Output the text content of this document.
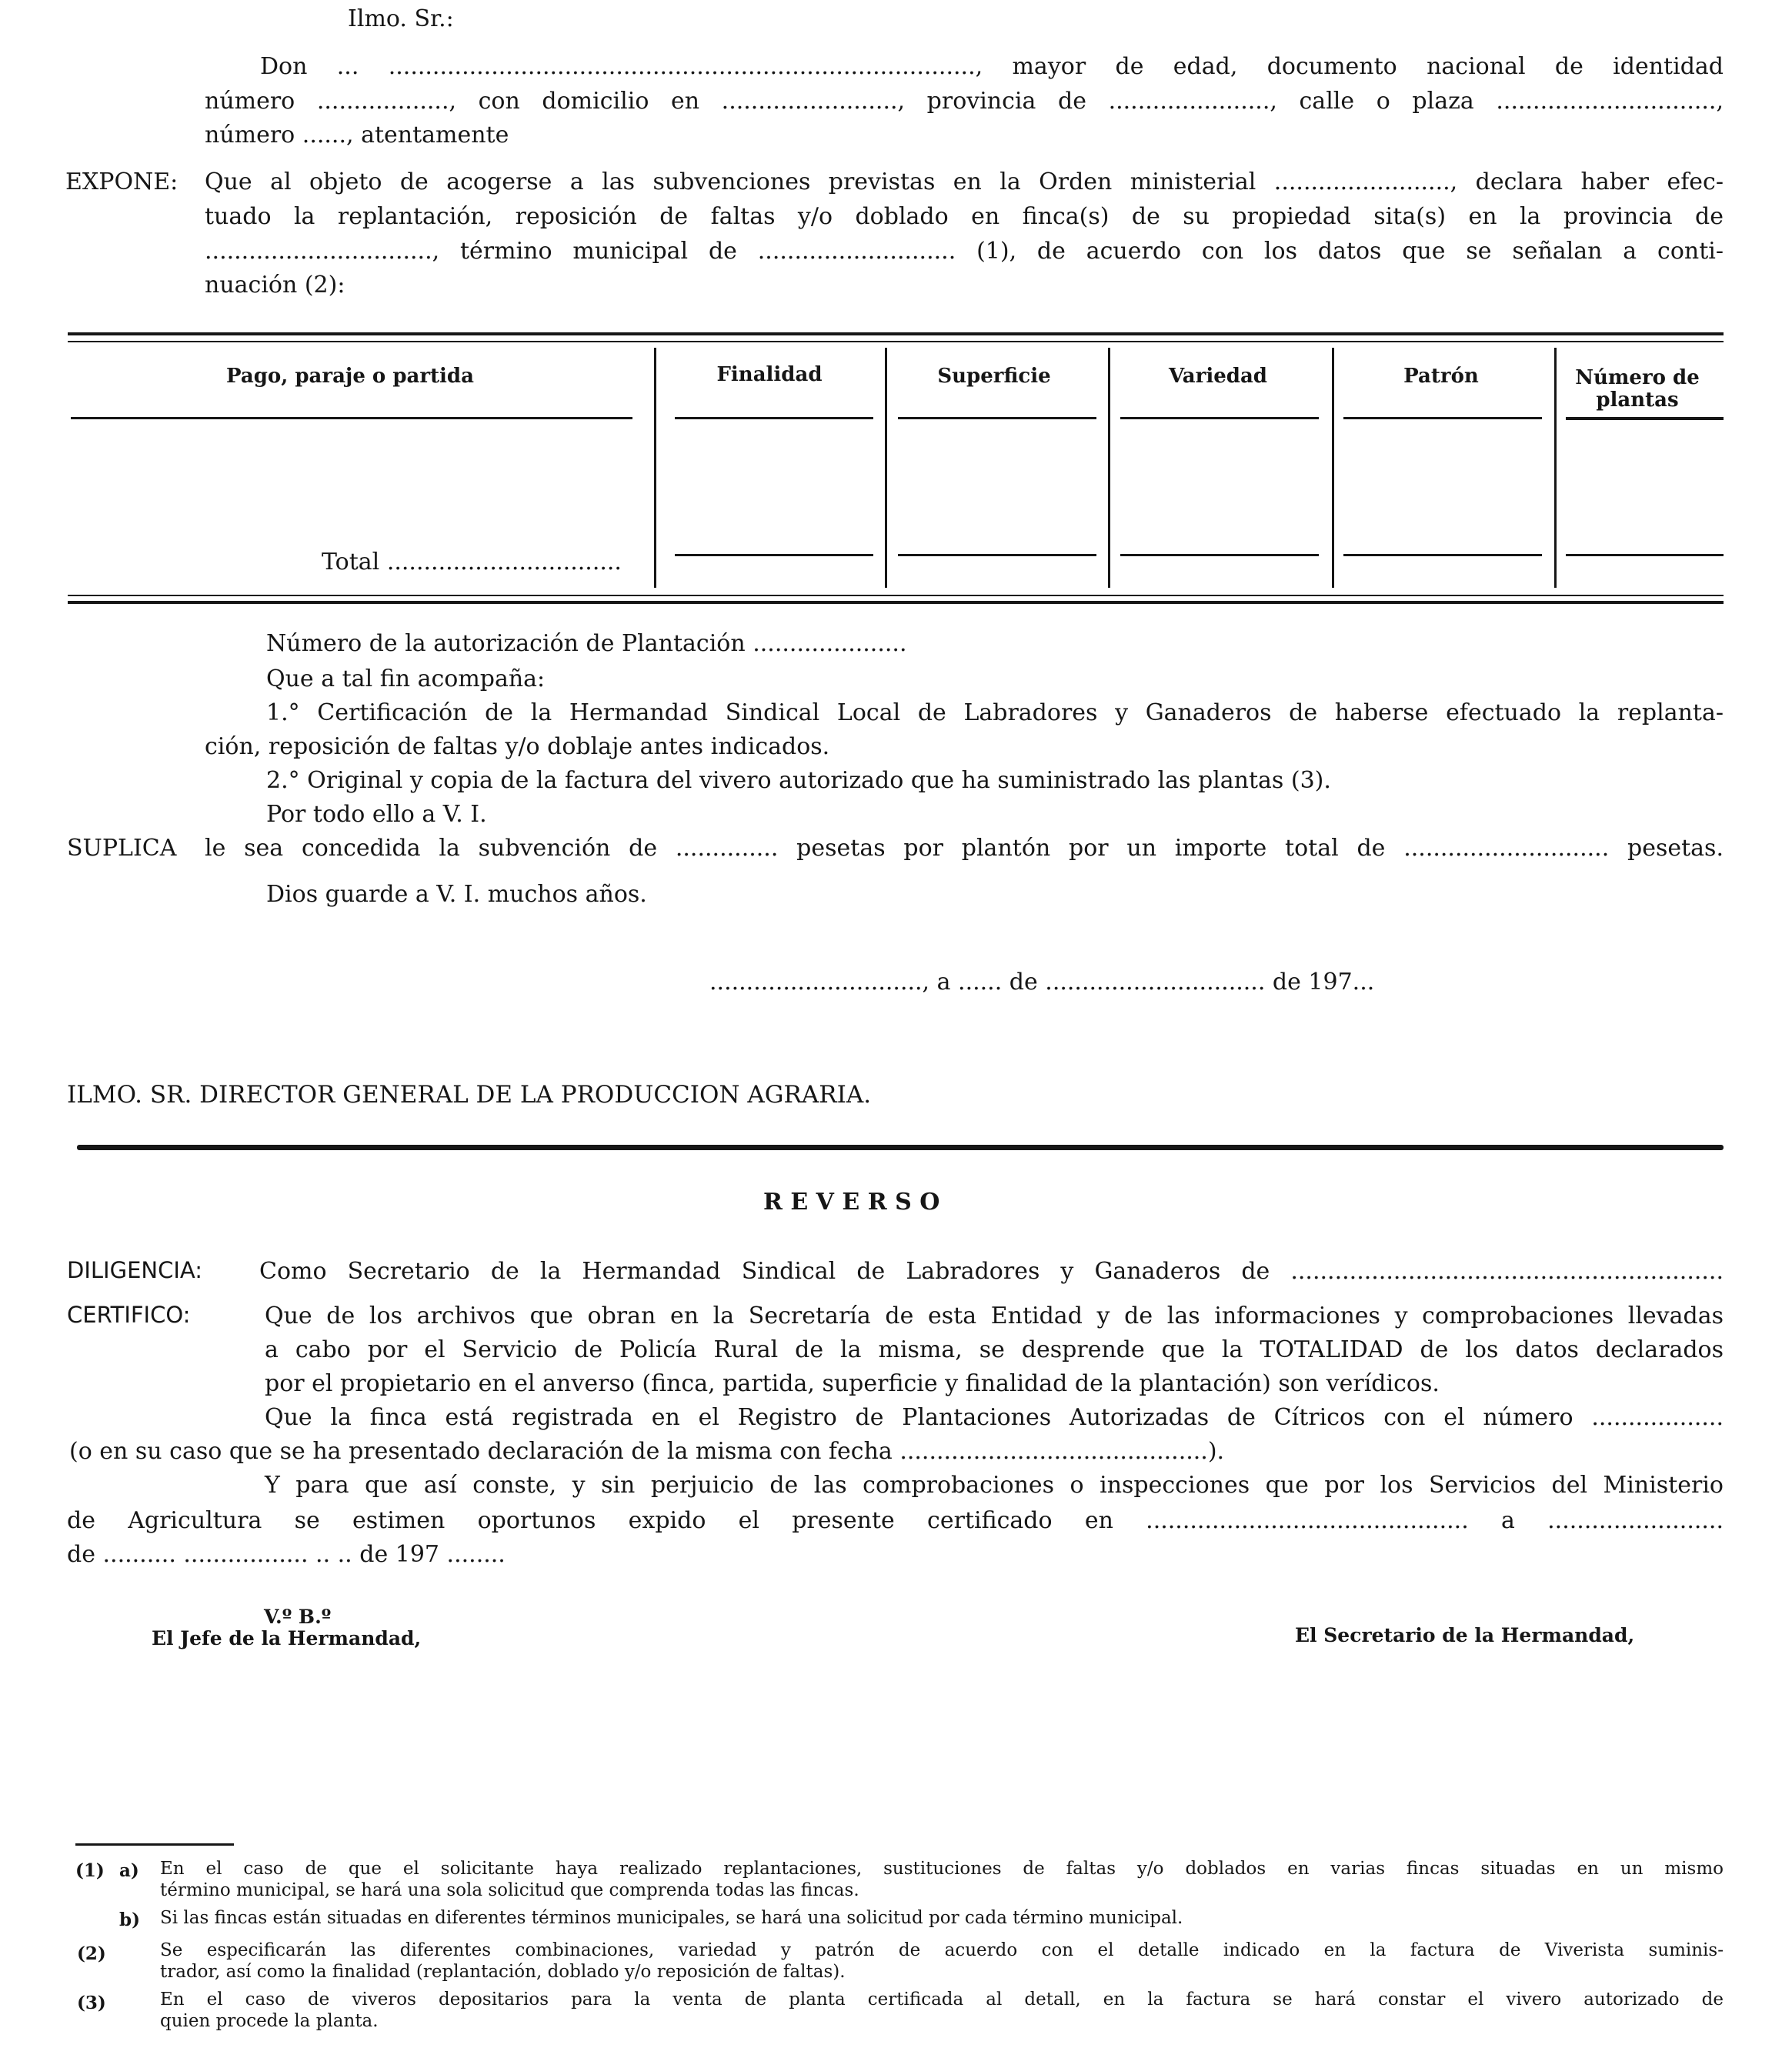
Ilmo. Sr.:
Don ... ................................................................................, mayor de edad, documento nacional de identidad
número .................., con domicilio en ........................, provincia de ......................, calle o plaza ..............................,
número ......, atentamente
EXPONE: Que al objeto de acogerse a las subvenciones previstas en la Orden ministerial ........................, declara haber efec-
tuado la replantación, reposición de faltas y/o doblado en finca(s) de su propiedad sita(s) en la provincia de
..............................., término municipal de ........................... (1), de acuerdo con los datos que se señalan a conti-
nuación (2):
Pago, paraje o partida	Finalidad	Superficie	Variedad	Patrón	Número de plantas
Total ................................
Número de la autorización de Plantación .....................
Que a tal fin acompaña:
1.° Certificación de la Hermandad Sindical Local de Labradores y Ganaderos de haberse efectuado la replanta-
ción, reposición de faltas y/o doblaje antes indicados.
2.° Original y copia de la factura del vivero autorizado que ha suministrado las plantas (3).
Por todo ello a V. I.
SUPLICA le sea concedida la subvención de .............. pesetas por plantón por un importe total de ............................ pesetas.
Dios guarde a V. I. muchos años.
............................., a ...... de .............................. de 197...
ILMO. SR. DIRECTOR GENERAL DE LA PRODUCCION AGRARIA.
R E V E R S O
DILIGENCIA: Como Secretario de la Hermandad Sindical de Labradores y Ganaderos de ...........................................................
CERTIFICO:	Que de los archivos que obran en la Secretaría de esta Entidad y de las informaciones y comprobaciones llevadas
a cabo por el Servicio de Policía Rural de la misma, se desprende que la TOTALIDAD de los datos declarados
por el propietario en el anverso (finca, partida, superficie y finalidad de la plantación) son verídicos.
Que la finca está registrada en el Registro de Plantaciones Autorizadas de Cítricos con el número ..................
(o en su caso que se ha presentado declaración de la misma con fecha ..........................................).
Y para que así conste, y sin perjuicio de las comprobaciones o inspecciones que por los Servicios del Ministerio
de Agricultura se estimen oportunos expido el presente certificado en ............................................ a ........................
de .......... ................. .. .. de 197 ........
V.º B.º
El Jefe de la Hermandad,	El Secretario de la Hermandad,
(1) a) En el caso de que el solicitante haya realizado replantaciones, sustituciones de faltas y/o doblados en varias fincas situadas en un mismo
término municipal, se hará una sola solicitud que comprenda todas las fincas.
b) Si las fincas están situadas en diferentes términos municipales, se hará una solicitud por cada término municipal.
(2)	Se especificarán las diferentes combinaciones, variedad y patrón de acuerdo con el detalle indicado en la factura de Viverista suminis-
trador, así como la finalidad (replantación, doblado y/o reposición de faltas).
(3)	En el caso de viveros depositarios para la venta de planta certificada al detall, en la factura se hará constar el vivero autorizado de
quien procede la planta.
